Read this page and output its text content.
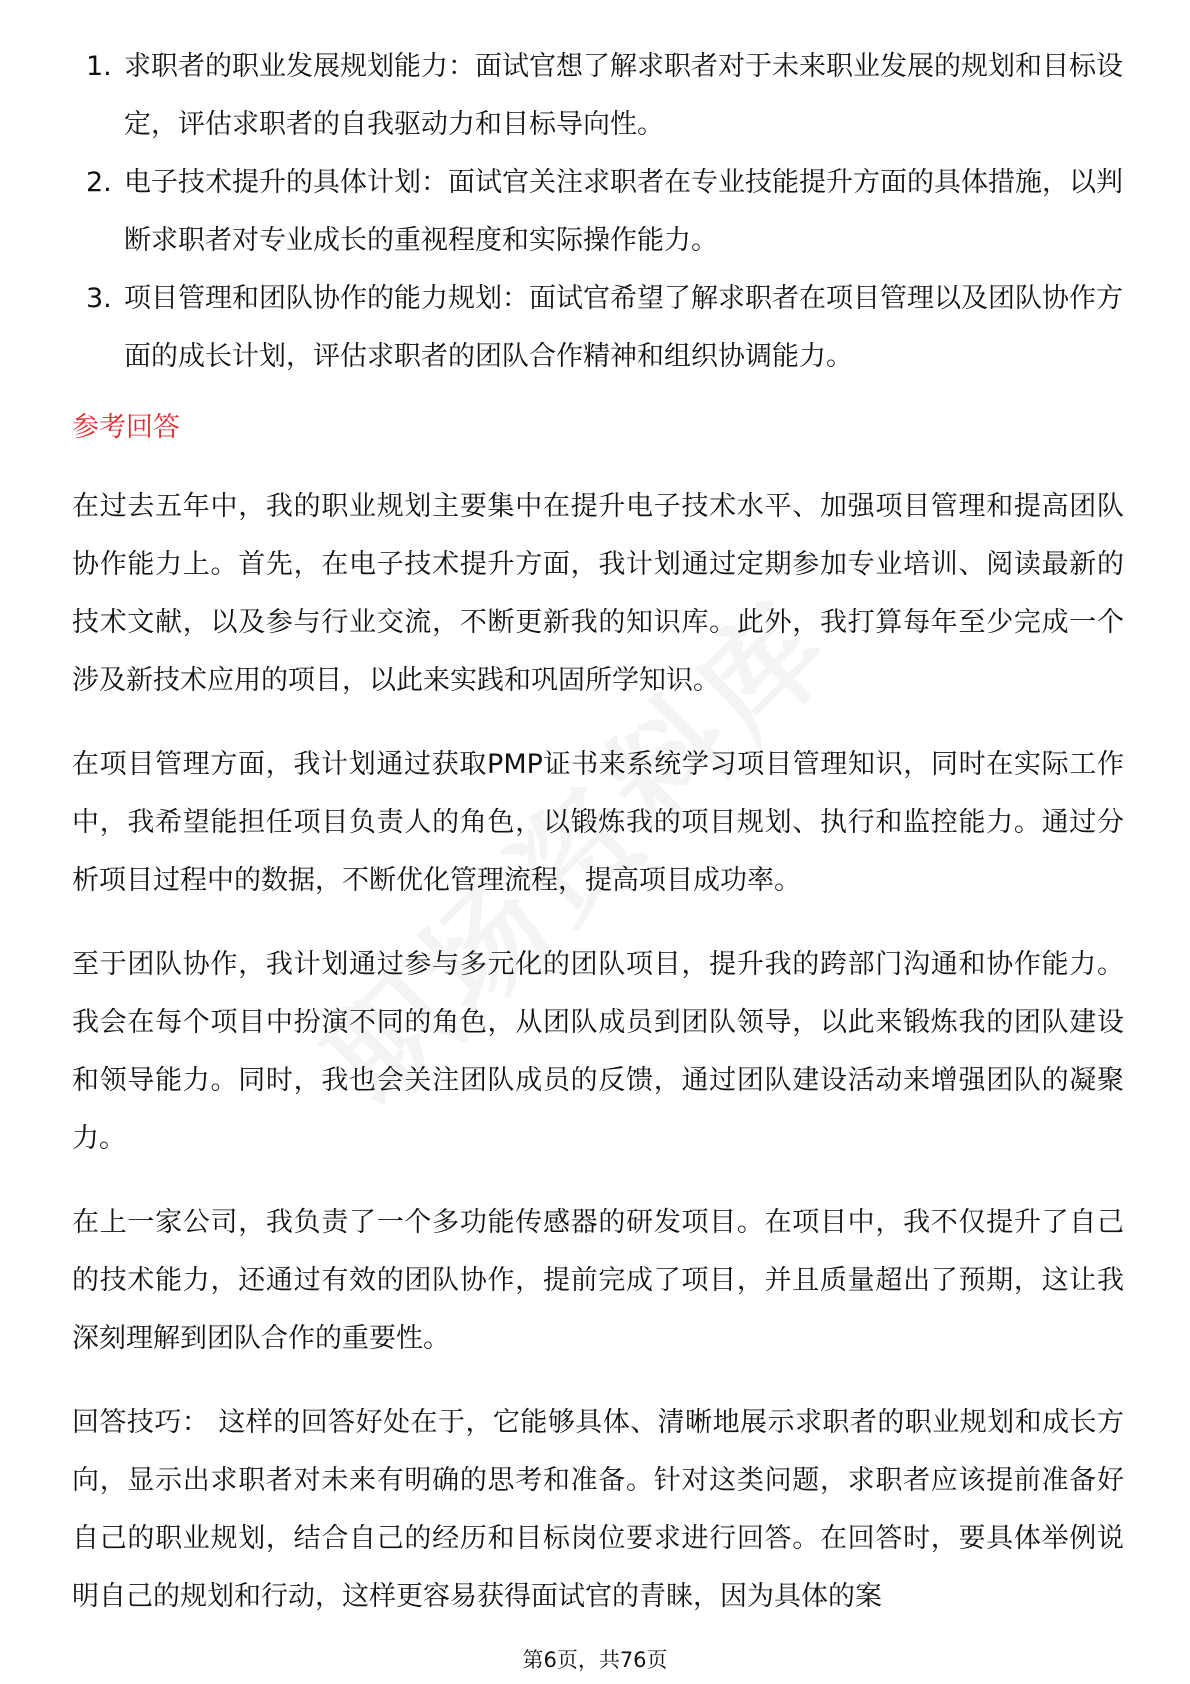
1. 求职者的职业发展规划能力：面试官想了解求职者对于未来职业发展的规划和目标设定，评估求职者的自我驱动力和目标导向性。
2. 电子技术提升的具体计划：面试官关注求职者在专业技能提升方面的具体措施，以判断求职者对专业成长的重视程度和实际操作能力。
3. 项目管理和团队协作的能力规划：面试官希望了解求职者在项目管理以及团队协作方面的成长计划，评估求职者的团队合作精神和组织协调能力。
参考回答

在过去五年中，我的职业规划主要集中在提升电子技术水平、加强项目管理和提高团队协作能力上。首先，在电子技术提升方面，我计划通过定期参加专业培训、阅读最新的技术文献，以及参与行业交流，不断更新我的知识库。此外，我打算每年至少完成一个涉及新技术应用的项目，以此来实践和巩固所学知识。

在项目管理方面，我计划通过获取PMP证书来系统学习项目管理知识，同时在实际工作中，我希望能担任项目负责人的角色，以锻炼我的项目规划、执行和监控能力。通过分析项目过程中的数据，不断优化管理流程，提高项目成功率。

至于团队协作，我计划通过参与多元化的团队项目，提升我的跨部门沟通和协作能力。我会在每个项目中扮演不同的角色，从团队成员到团队领导，以此来锻炼我的团队建设和领导能力。同时，我也会关注团队成员的反馈，通过团队建设活动来增强团队的凝聚力。

在上一家公司，我负责了一个多功能传感器的研发项目。在项目中，我不仅提升了自己的技术能力，还通过有效的团队协作，提前完成了项目，并且质量超出了预期，这让我深刻理解到团队合作的重要性。

回答技巧： 这样的回答好处在于，它能够具体、清晰地展示求职者的职业规划和成长方向，显示出求职者对未来有明确的思考和准备。针对这类问题，求职者应该提前准备好自己的职业规划，结合自己的经历和目标岗位要求进行回答。在回答时，要具体举例说明自己的规划和行动，这样更容易获得面试官的青睐，因为具体的案

第6页，共76页
